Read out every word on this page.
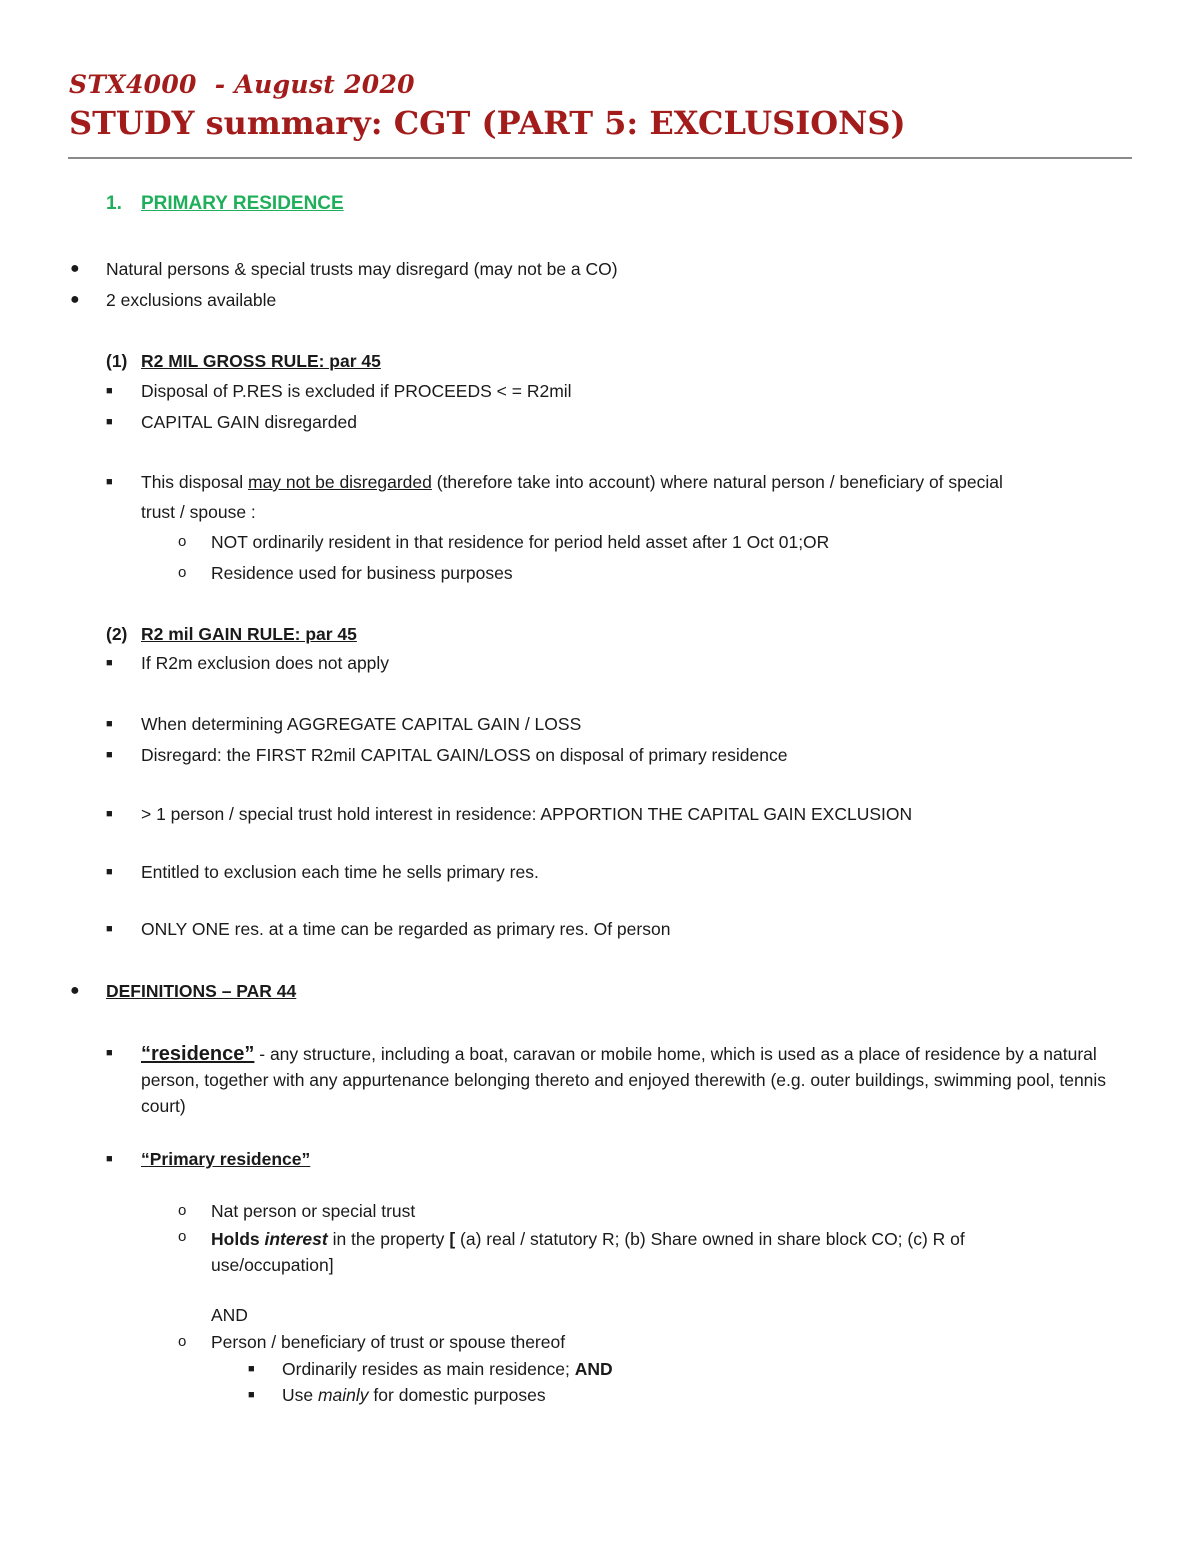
STX4000  - August 2020
STUDY summary: CGT (PART 5: EXCLUSIONS)
1. PRIMARY RESIDENCE
● Natural persons & special trusts may disregard (may not be a CO)
● 2 exclusions available
(1) R2 MIL GROSS RULE: par 45
■ Disposal of P.RES is excluded if PROCEEDS < = R2mil
■ CAPITAL GAIN disregarded
■ This disposal may not be disregarded (therefore take into account) where natural person / beneficiary of special
trust / spouse :
o NOT ordinarily resident in that residence for period held asset after 1 Oct 01;OR
o Residence used for business purposes
(2) R2 mil GAIN RULE: par 45
■ If R2m exclusion does not apply
■ When determining AGGREGATE CAPITAL GAIN / LOSS
■ Disregard: the FIRST R2mil CAPITAL GAIN/LOSS on disposal of primary residence
■ > 1 person / special trust hold interest in residence: APPORTION THE CAPITAL GAIN EXCLUSION
■ Entitled to exclusion each time he sells primary res.
■ ONLY ONE res. at a time can be regarded as primary res. Of person
● DEFINITIONS – PAR 44
■ “residence” - any structure, including a boat, caravan or mobile home, which is used as a place of residence by a natural person, together with any appurtenance belonging thereto and enjoyed therewith (e.g. outer buildings, swimming pool, tennis court)
■ “Primary residence”
o Nat person or special trust
o Holds interest in the property [ (a) real / statutory R; (b) Share owned in share block CO; (c) R of use/occupation]
AND
o Person / beneficiary of trust or spouse thereof
■ Ordinarily resides as main residence; AND
■ Use mainly for domestic purposes
